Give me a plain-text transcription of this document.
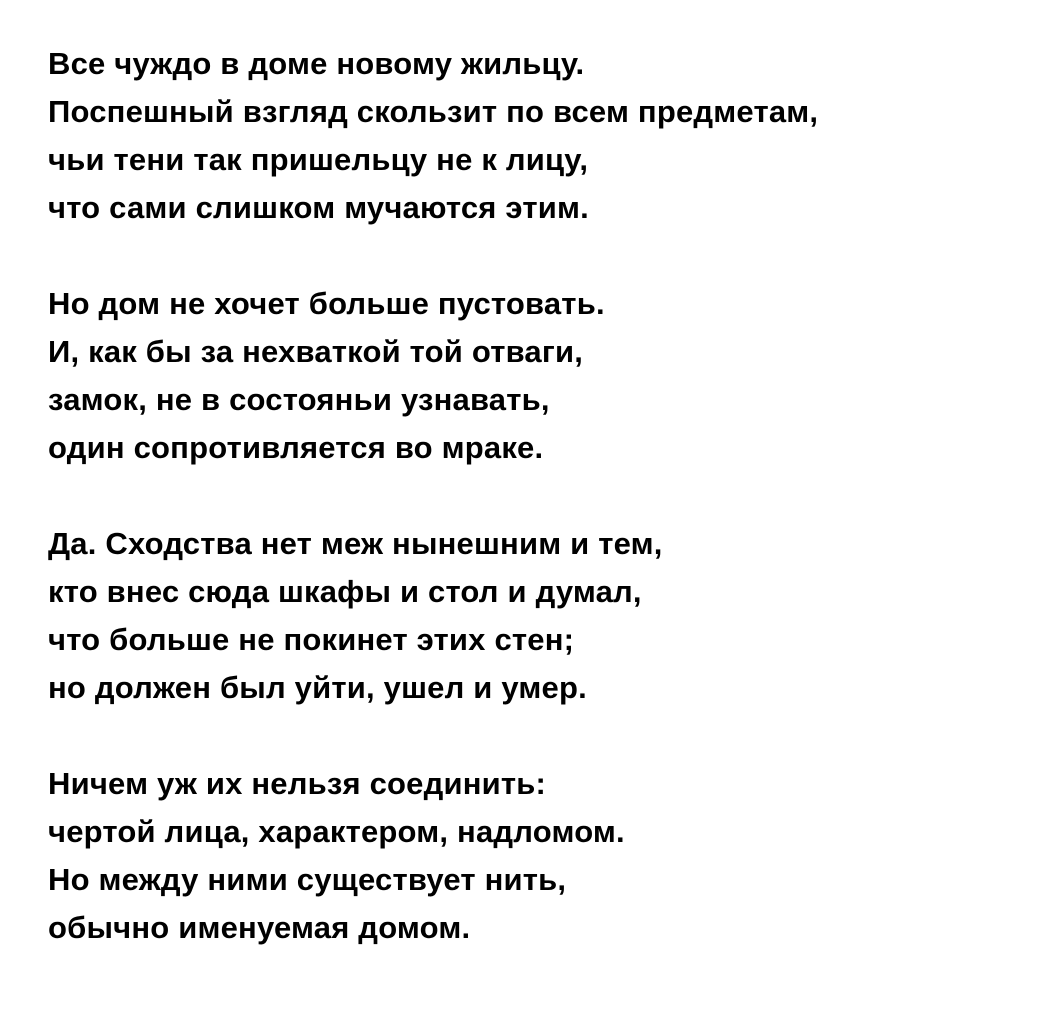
Все чуждо в доме новому жильцу.
Поспешный взгляд скользит по всем предметам,
чьи тени так пришельцу не к лицу,
что сами слишком мучаются этим.
Но дом не хочет больше пустовать.
И, как бы за нехваткой той отваги,
замок, не в состояньи узнавать,
один сопротивляется во мраке.
Да. Сходства нет меж нынешним и тем,
кто внес сюда шкафы и стол и думал,
что больше не покинет этих стен;
но должен был уйти, ушел и умер.
Ничем уж их нельзя соединить:
чертой лица, характером, надломом.
Но между ними существует нить,
обычно именуемая домом.
